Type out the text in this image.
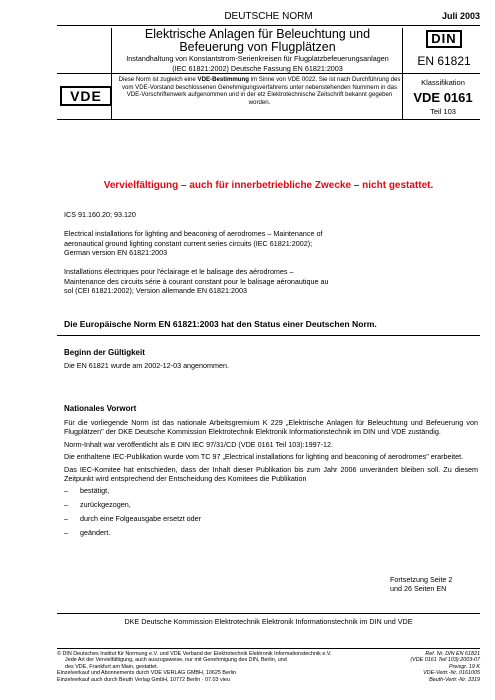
DEUTSCHE NORM	Juli 2003
Elektrische Anlagen für Beleuchtung und
Befeuerung von Flugplätzen
Instandhaltung von Konstantstrom-Serienkreisen für Flugplatzbefeuerungsanlagen
(IEC 61821:2002) Deutsche Fassung EN 61821:2003
DIN
EN 61821
VDE
Diese Norm ist zugleich eine VDE-Bestimmung im Sinne von VDE 0022. Sie ist nach Durchführung des vom VDE-Vorstand beschlossenen Genehmigungsverfahrens unter nebenstehenden Nummern in das VDE-Vorschriftenwerk aufgenommen und in der etz Elektrotechnische Zeitschrift bekannt gegeben worden.
Klassifikation
VDE 0161
Teil 103
Vervielfältigung – auch für innerbetriebliche Zwecke – nicht gestattet.
ICS 91.160.20; 93.120
Electrical installations for lighting and beaconing of aerodromes – Maintenance of aeronautical ground lighting constant current series circuits (IEC 61821:2002); German version EN 61821:2003
Installations électriques pour l'éclairage et le balisage des aérodromes – Maintenance des circuits série à courant constant pour le balisage aéronautique au sol (CEI 61821:2002); Version allemande EN 61821:2003
Die Europäische Norm EN 61821:2003 hat den Status einer Deutschen Norm.
Beginn der Gültigkeit
Die EN 61821 wurde am 2002-12-03 angenommen.
Nationales Vorwort

Für die vorliegende Norm ist das nationale Arbeitsgremium K 229 „Elektrische Anlagen für Beleuchtung und Befeuerung von Flugplätzen" der DKE Deutsche Kommission Elektrotechnik Elektronik Informationstechnik im DIN und VDE zuständig.

Norm-Inhalt war veröffentlicht als E DIN IEC 97/31/CD (VDE 0161 Teil 103):1997-12.

Die enthaltene IEC-Publikation wurde vom TC 97 „Electrical installations for lighting and beaconing of aerodromes" erarbeitet.

Das IEC-Komitee hat entschieden, dass der Inhalt dieser Publikation bis zum Jahr 2006 unverändert bleiben soll. Zu diesem Zeitpunkt wird entsprechend der Entscheidung des Komitees die Publikation

–	bestätigt,
–	zurückgezogen,
–	durch eine Folgeausgabe ersetzt oder
–	geändert.
Fortsetzung Seite 2
und 26 Seiten EN
DKE Deutsche Kommission Elektrotechnik Elektronik Informationstechnik im DIN und VDE
© DIN Deutsches Institut für Normung e.V. und VDE Verband der Elektrotechnik Elektronik Informationstechnik e.V.
Jede Art der Vervielfältigung, auch auszugsweise, nur mit Genehmigung des DIN, Berlin, und
des VDE, Frankfurt am Main, gestattet.
Einzelverkauf und Abonnements durch VDE VERLAG GMBH, 10625 Berlin
Einzelverkauf auch durch Beuth Verlag GmbH, 10772 Berlin · 07.03 vieu
Ref. Nr. DIN EN 61821
(VDE 0161 Teil 103):2003-07
Preisgr. 19 K
VDE-Vertr.-Nr. 0161005
Beuth-Vertr.-Nr. 3319
